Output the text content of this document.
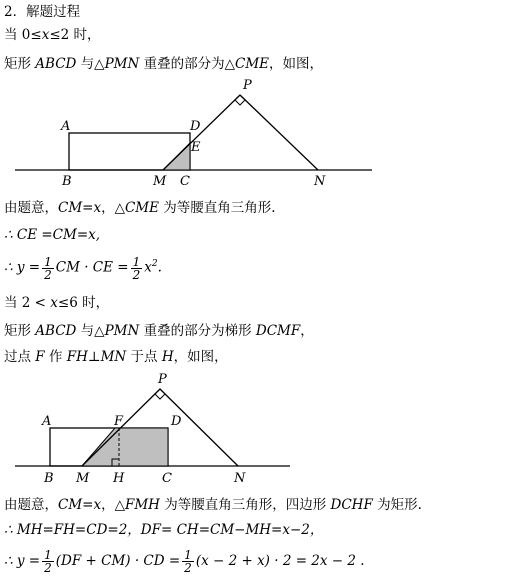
2．解题过程
当 0≤x≤2 时，
矩形 ABCD 与△PMN 重叠的部分为△CME，如图，
A
B	C
D
E
M	N
P
由题意，CM=x，△CME 为等腰直角三角形.
∴ CE =CM=x,
∴ $y = \frac{1}{2}$ CM · CE = $\frac{1}{2} x^2$.
当 2 < x≤6 时，
矩形 ABCD 与△PMN 重叠的部分为梯形 DCMF，
过点 F 作 FH⊥MN 于点 H，如图，
A
B	C
D
F
H
M	N
P
由题意，CM=x，△FMH 为等腰直角三角形，四边形 DCHF 为矩形.
∴ MH=FH=CD=2，DF= CH=CM−MH=x−2，
∴ $y = \frac{1}{2} (DF + CM)$ · CD = $\frac{1}{2} (x - 2 + x) \cdot 2 = 2x - 2$ .
